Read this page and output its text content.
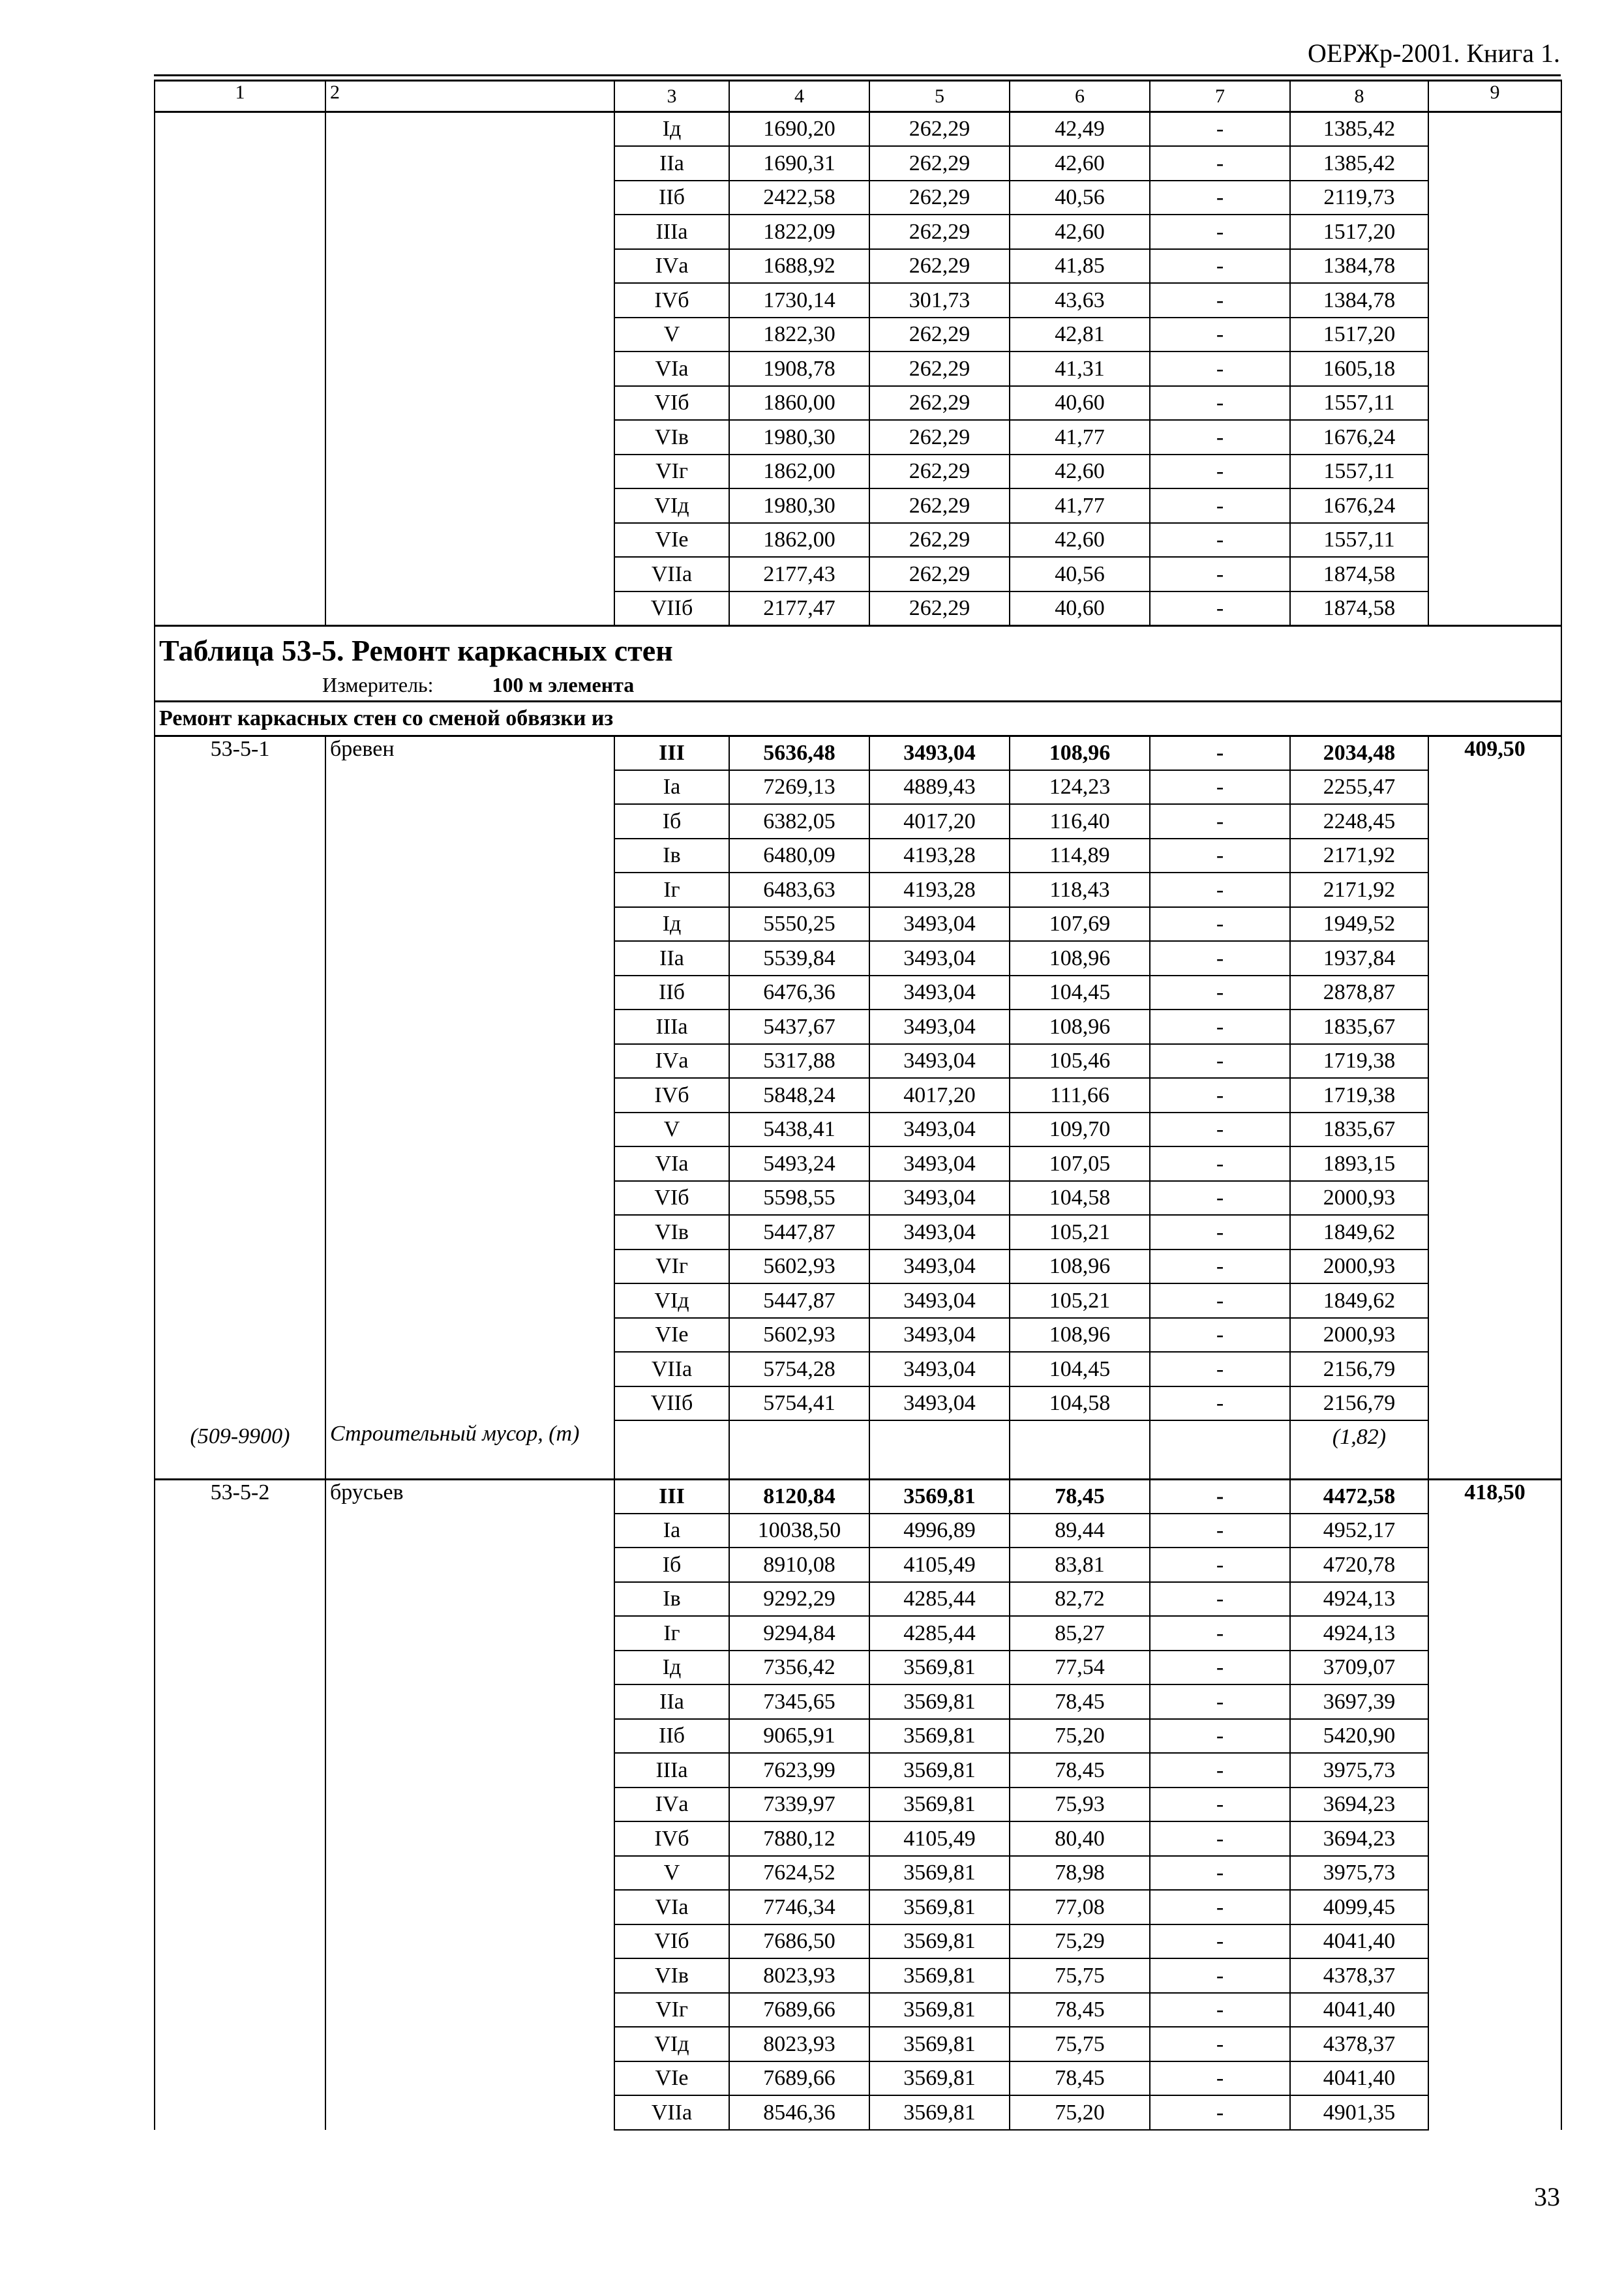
ОЕРЖр-2001. Книга 1.
1	2	3	4	5	6	7	8	9
		Iд	1690,20	262,29	42,49	-	1385,42	
		IIа	1690,31	262,29	42,60	-	1385,42	
		IIб	2422,58	262,29	40,56	-	2119,73	
		IIIа	1822,09	262,29	42,60	-	1517,20	
		IVа	1688,92	262,29	41,85	-	1384,78	
		IVб	1730,14	301,73	43,63	-	1384,78	
		V	1822,30	262,29	42,81	-	1517,20	
		VIа	1908,78	262,29	41,31	-	1605,18	
		VIб	1860,00	262,29	40,60	-	1557,11	
		VIв	1980,30	262,29	41,77	-	1676,24	
		VIг	1862,00	262,29	42,60	-	1557,11	
		VIд	1980,30	262,29	41,77	-	1676,24	
		VIе	1862,00	262,29	42,60	-	1557,11	
		VIIа	2177,43	262,29	40,56	-	1874,58	
		VIIб	2177,47	262,29	40,60	-	1874,58	

Таблица 53-5. Ремонт каркасных стен
Измеритель: 100 м элемента								

Ремонт каркасных стен со сменой обвязки из								
53-5-1	бревен	III	5636,48	3493,04	108,96	-	2034,48	409,50
		Iа	7269,13	4889,43	124,23	-	2255,47	
		Iб	6382,05	4017,20	116,40	-	2248,45	
		Iв	6480,09	4193,28	114,89	-	2171,92	
		Iг	6483,63	4193,28	118,43	-	2171,92	
		Iд	5550,25	3493,04	107,69	-	1949,52	
		IIа	5539,84	3493,04	108,96	-	1937,84	
		IIб	6476,36	3493,04	104,45	-	2878,87	
		IIIа	5437,67	3493,04	108,96	-	1835,67	
		IVа	5317,88	3493,04	105,46	-	1719,38	
		IVб	5848,24	4017,20	111,66	-	1719,38	
		V	5438,41	3493,04	109,70	-	1835,67	
		VIа	5493,24	3493,04	107,05	-	1893,15	
		VIб	5598,55	3493,04	104,58	-	2000,93	
		VIв	5447,87	3493,04	105,21	-	1849,62	
		VIг	5602,93	3493,04	108,96	-	2000,93	
		VIд	5447,87	3493,04	105,21	-	1849,62	
		VIе	5602,93	3493,04	108,96	-	2000,93	
		VIIа	5754,28	3493,04	104,45	-	2156,79	
		VIIб	5754,41	3493,04	104,58	-	2156,79	
(509-9900)	Строительный мусор, (т)						(1,82)	
53-5-2	брусьев	III	8120,84	3569,81	78,45	-	4472,58	418,50
		Iа	10038,50	4996,89	89,44	-	4952,17	
		Iб	8910,08	4105,49	83,81	-	4720,78	
		Iв	9292,29	4285,44	82,72	-	4924,13	
		Iг	9294,84	4285,44	85,27	-	4924,13	
		Iд	7356,42	3569,81	77,54	-	3709,07	
		IIа	7345,65	3569,81	78,45	-	3697,39	
		IIб	9065,91	3569,81	75,20	-	5420,90	
		IIIа	7623,99	3569,81	78,45	-	3975,73	
		IVа	7339,97	3569,81	75,93	-	3694,23	
		IVб	7880,12	4105,49	80,40	-	3694,23	
		V	7624,52	3569,81	78,98	-	3975,73	
		VIа	7746,34	3569,81	77,08	-	4099,45	
		VIб	7686,50	3569,81	75,29	-	4041,40	
		VIв	8023,93	3569,81	75,75	-	4378,37	
		VIг	7689,66	3569,81	78,45	-	4041,40	
		VIд	8023,93	3569,81	75,75	-	4378,37	
		VIе	7689,66	3569,81	78,45	-	4041,40	
		VIIа	8546,36	3569,81	75,20	-	4901,35	
33
